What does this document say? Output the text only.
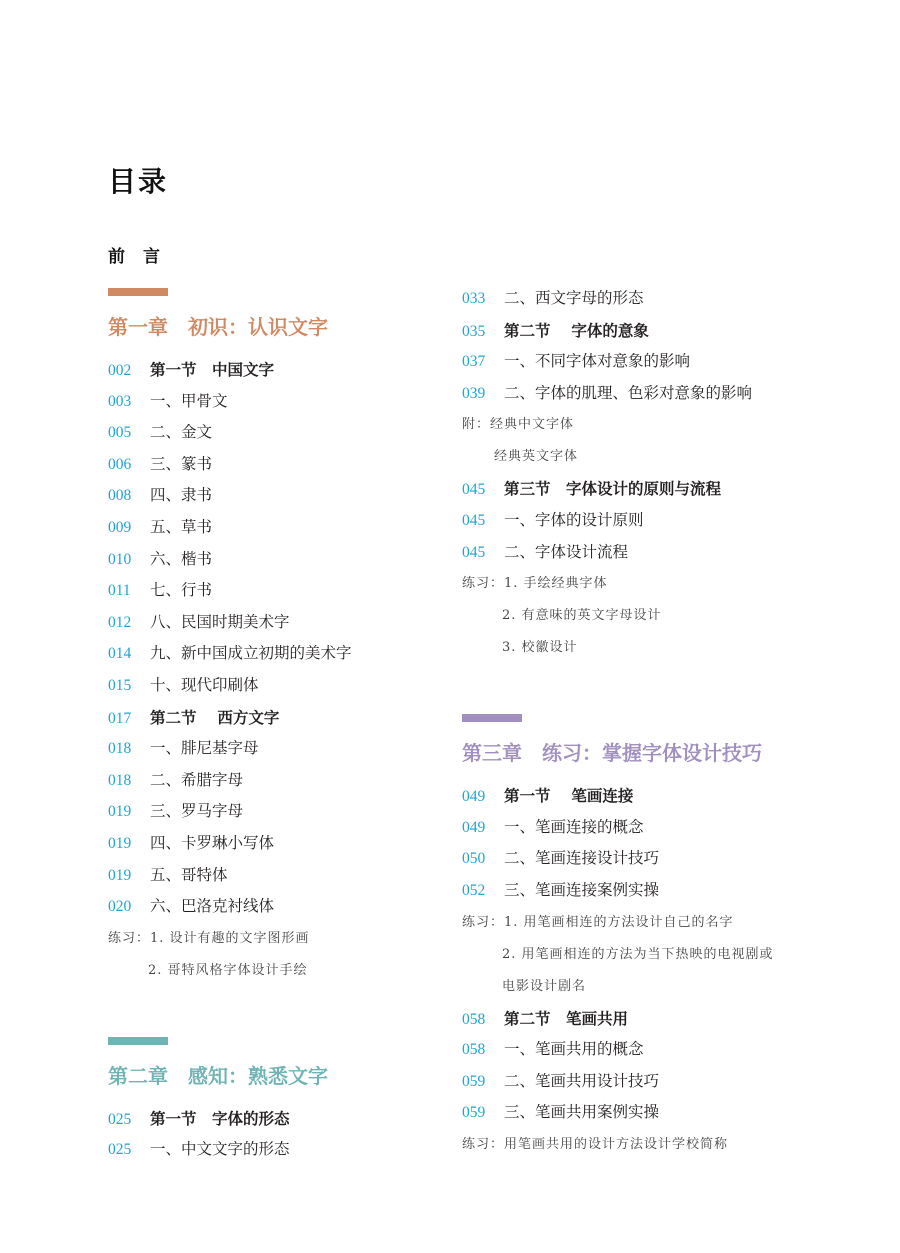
目录
前言
第一章　初识：认识文字
002 第一节　中国文字
003 一、甲骨文
005 二、金文
006 三、篆书
008 四、隶书
009 五、草书
010 六、楷书
011 七、行书
012 八、民国时期美术字
014 九、新中国成立初期的美术字
015 十、现代印刷体
017 第二节　 西方文字
018 一、腓尼基字母
018 二、希腊字母
019 三、罗马字母
019 四、卡罗琳小写体
019 五、哥特体
020 六、巴洛克衬线体
练习：1. 设计有趣的文字图形画
2. 哥特风格字体设计手绘
第二章　感知：熟悉文字
025 第一节　字体的形态
025 一、中文文字的形态
033 二、西文字母的形态
035 第二节　 字体的意象
037 一、不同字体对意象的影响
039 二、字体的肌理、色彩对意象的影响
附：经典中文字体
经典英文字体
045 第三节　字体设计的原则与流程
045 一、字体的设计原则
045 二、字体设计流程
练习：1. 手绘经典字体
2. 有意味的英文字母设计
3. 校徽设计
第三章　练习：掌握字体设计技巧
049 第一节　 笔画连接
049 一、笔画连接的概念
050 二、笔画连接设计技巧
052 三、笔画连接案例实操
练习：1. 用笔画相连的方法设计自己的名字
2. 用笔画相连的方法为当下热映的电视剧或
电影设计剧名
058 第二节　笔画共用
058 一、笔画共用的概念
059 二、笔画共用设计技巧
059 三、笔画共用案例实操
练习：用笔画共用的设计方法设计学校简称
